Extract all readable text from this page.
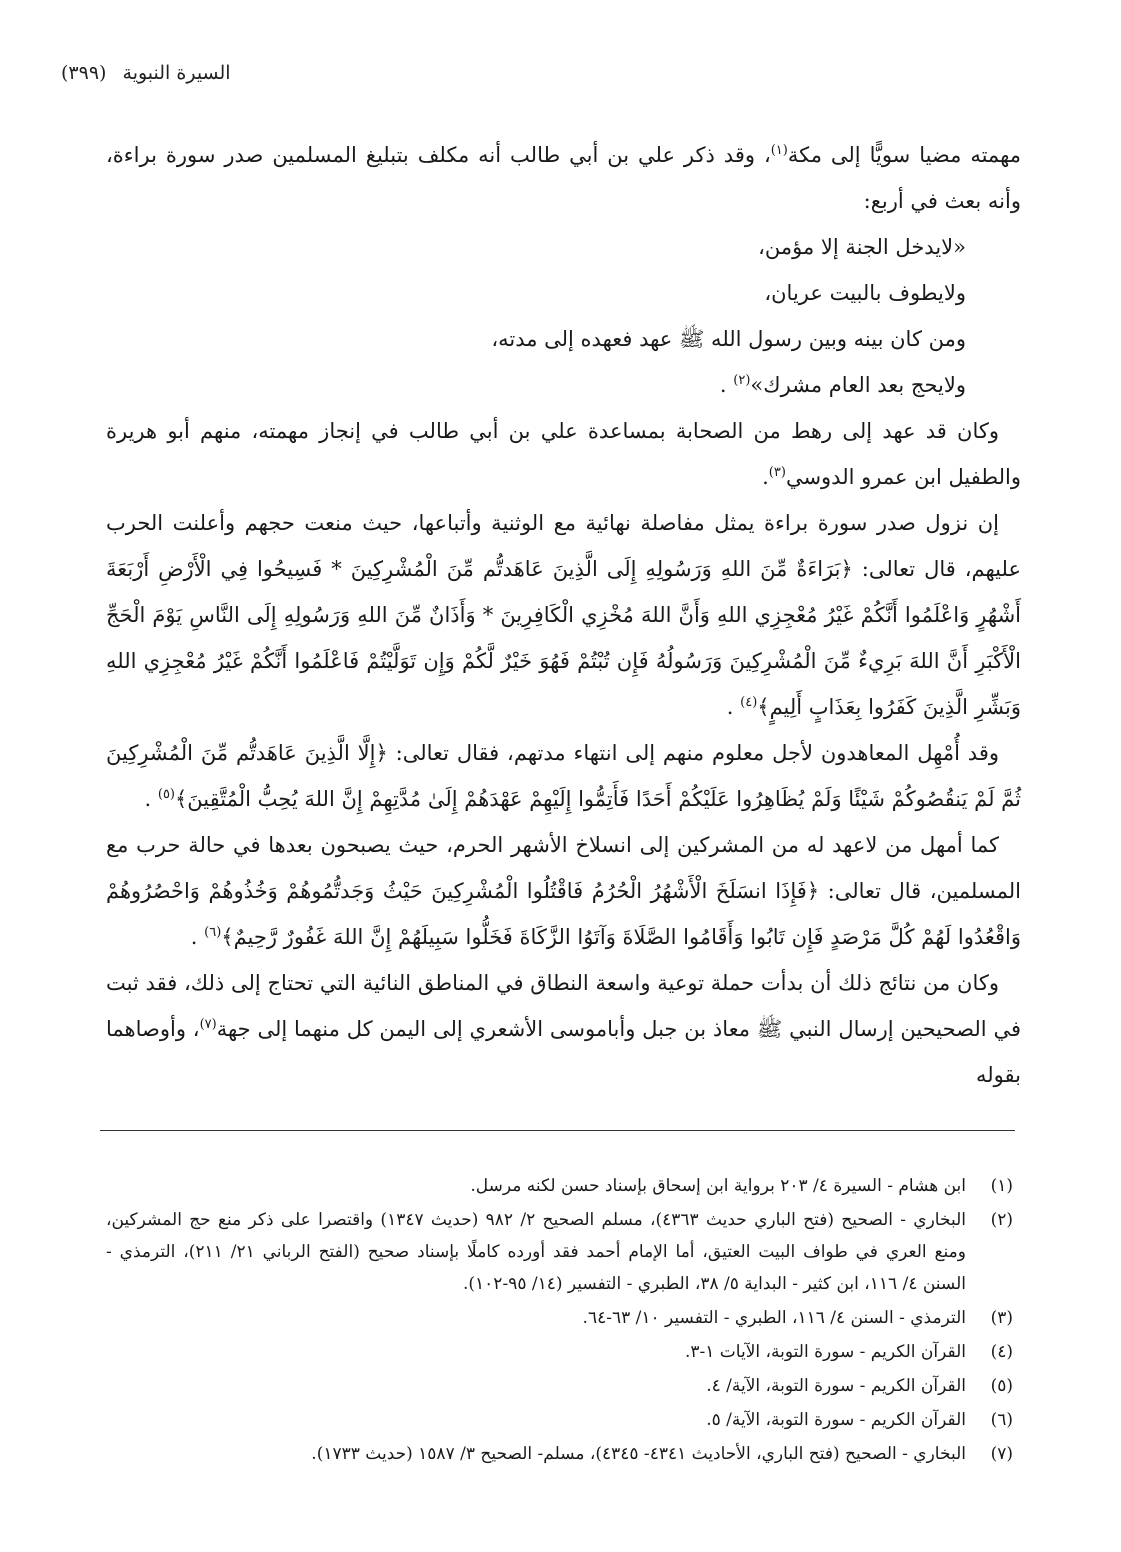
السيرة النبوية (٣٩٩)

مهمته مضيا سويًّا إلى مكة$^{(١)}$، وقد ذكر علي بن أبي طالب أنه مكلف بتبليغ المسلمين صدر سورة براءة، وأنه بعث في أربع:

«لايدخل الجنة إلا مؤمن،

ولايطوف بالبيت عريان،

ومن كان بينه وبين رسول الله ﷺ عهد فعهده إلى مدته،

ولايحج بعد العام مشرك»$^{(٢)}$ .

وكان قد عهد إلى رهط من الصحابة بمساعدة علي بن أبي طالب في إنجاز مهمته، منهم أبو هريرة والطفيل ابن عمرو الدوسي$^{(٣)}$.

إن نزول صدر سورة براءة يمثل مفاصلة نهائية مع الوثنية وأتباعها، حيث منعت حجهم وأعلنت الحرب عليهم، قال تعالى: ﴿بَرَاءَةٌ مِّنَ اللهِ وَرَسُولِهِ إِلَى الَّذِينَ عَاهَدتُّم مِّنَ الْمُشْرِكِينَ * فَسِيحُوا فِي الْأَرْضِ أَرْبَعَةَ أَشْهُرٍ وَاعْلَمُوا أَنَّكُمْ غَيْرُ مُعْجِزِي اللهِ وَأَنَّ اللهَ مُخْزِي الْكَافِرِينَ * وَأَذَانٌ مِّنَ اللهِ وَرَسُولِهِ إِلَى النَّاسِ يَوْمَ الْحَجِّ الْأَكْبَرِ أَنَّ اللهَ بَرِيءٌ مِّنَ الْمُشْرِكِينَ وَرَسُولُهُ فَإِن تُبْتُمْ فَهُوَ خَيْرٌ لَّكُمْ وَإِن تَوَلَّيْتُمْ فَاعْلَمُوا أَنَّكُمْ غَيْرُ مُعْجِزِي اللهِ وَبَشِّرِ الَّذِينَ كَفَرُوا بِعَذَابٍ أَلِيمٍ﴾$^{(٤)}$ .

وقد أُمْهِل المعاهدون لأجل معلوم منهم إلى انتهاء مدتهم، فقال تعالى: ﴿إِلَّا الَّذِينَ عَاهَدتُّم مِّنَ الْمُشْرِكِينَ ثُمَّ لَمْ يَنقُصُوكُمْ شَيْئًا وَلَمْ يُظَاهِرُوا عَلَيْكُمْ أَحَدًا فَأَتِمُّوا إِلَيْهِمْ عَهْدَهُمْ إِلَىٰ مُدَّتِهِمْ إِنَّ اللهَ يُحِبُّ الْمُتَّقِينَ﴾$^{(٥)}$ .

كما أمهل من لاعهد له من المشركين إلى انسلاخ الأشهر الحرم، حيث يصبحون بعدها في حالة حرب مع المسلمين، قال تعالى: ﴿فَإِذَا انسَلَخَ الْأَشْهُرُ الْحُرُمُ فَاقْتُلُوا الْمُشْرِكِينَ حَيْثُ وَجَدتُّمُوهُمْ وَخُذُوهُمْ وَاحْصُرُوهُمْ وَاقْعُدُوا لَهُمْ كُلَّ مَرْصَدٍ فَإِن تَابُوا وَأَقَامُوا الصَّلَاةَ وَآتَوُا الزَّكَاةَ فَخَلُّوا سَبِيلَهُمْ إِنَّ اللهَ غَفُورٌ رَّحِيمٌ﴾$^{(٦)}$ .

وكان من نتائج ذلك أن بدأت حملة توعية واسعة النطاق في المناطق النائية التي تحتاج إلى ذلك، فقد ثبت في الصحيحين إرسال النبي ﷺ معاذ بن جبل وأباموسى الأشعري إلى اليمن كل منهما إلى جهة$^{(٧)}$، وأوصاهما بقوله

(١)
ابن هشام - السيرة ٤/ ٢٠٣ برواية ابن إسحاق بإسناد حسن لكنه مرسل.
(٢)
البخاري - الصحيح (فتح الباري حديث ٤٣٦٣)، مسلم الصحيح ٢/ ٩٨٢ (حديث ١٣٤٧) واقتصرا على ذكر منع حج المشركين، ومنع العري في طواف البيت العتيق، أما الإمام أحمد فقد أورده كاملًا بإسناد صحيح (الفتح الرباني ٢١/ ٢١١)، الترمذي - السنن ٤/ ١١٦، ابن كثير - البداية ٥/ ٣٨، الطبري - التفسير (١٤/ ٩٥-١٠٢).
(٣)
الترمذي - السنن ٤/ ١١٦، الطبري - التفسير ١٠/ ٦٣-٦٤.
(٤)
القرآن الكريم - سورة التوبة، الآيات ١-٣.
(٥)
القرآن الكريم - سورة التوبة، الآية/ ٤.
(٦)
القرآن الكريم - سورة التوبة، الآية/ ٥.
(٧)
البخاري - الصحيح (فتح الباري، الأحاديث ٤٣٤١- ٤٣٤٥)، مسلم- الصحيح ٣/ ١٥٨٧ (حديث ١٧٣٣).
